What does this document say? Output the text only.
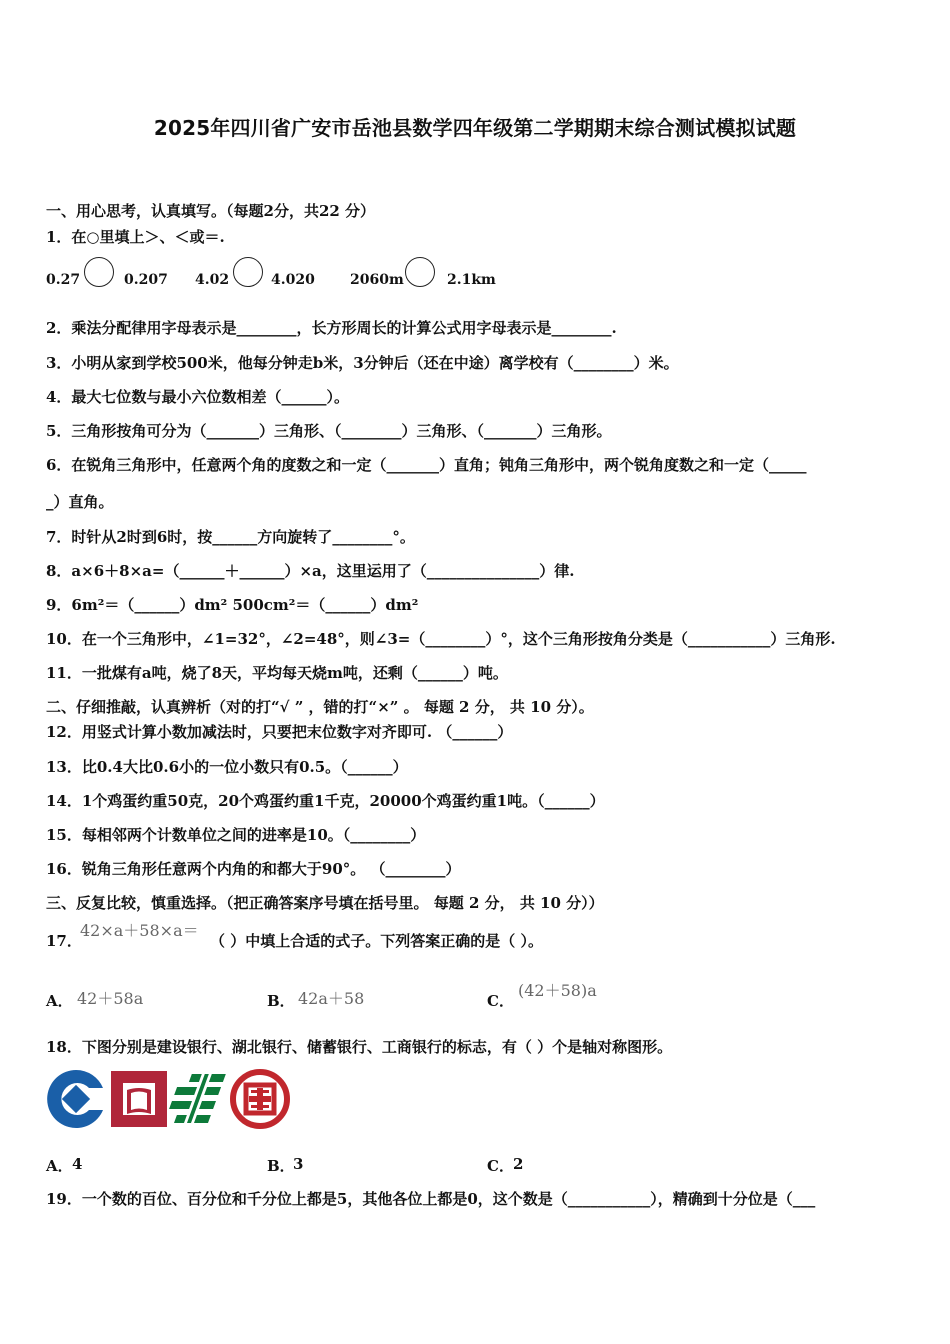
2025年四川省广安市岳池县数学四年级第二学期期末综合测试模拟试题
一、用心思考，认真填写。（每题2分，共22 分）
1．在○里填上＞、＜或＝.
0.27	0.207 4.02	4.020	2060m	2.1km
2．乘法分配律用字母表示是________，长方形周长的计算公式用字母表示是________.
3．小明从家到学校500米，他每分钟走b米，3分钟后（还在中途）离学校有（________）米。
4．最大七位数与最小六位数相差（______）。
5．三角形按角可分为（_______）三角形、（________）三角形、（_______）三角形。
6．在锐角三角形中，任意两个角的度数之和一定（_______）直角；钝角三角形中，两个锐角度数之和一定（_____
_）直角。
7．时针从2时到6时，按______方向旋转了________°。
8．a×6＋8×a=（______＋______）×a，这里运用了（_______________）律.
9．6m²＝（______）dm² 500cm²＝（______）dm²
10．在一个三角形中，∠1=32°，∠2=48°，则∠3=（________）°，这个三角形按角分类是（___________）三角形.
11．一批煤有a吨，烧了8天，平均每天烧m吨，还剩（______）吨。
二、仔细推敲，认真辨析（对的打“√ ” ，错的打“×” 。 每题 2 分， 共 10 分）。
12．用竖式计算小数加减法时，只要把末位数字对齐即可. （______）
13．比0.4大比0.6小的一位小数只有0.5。（______）
14．1个鸡蛋约重50克，20个鸡蛋约重1千克，20000个鸡蛋约重1吨。（______）
15．每相邻两个计数单位之间的进率是10。（________）
16．锐角三角形任意两个内角的和都大于90°。 （________）
三、反复比较，慎重选择。（把正确答案序号填在括号里。 每题 2 分， 共 10 分））
17．
42×a＋58×a＝
（ ）中填上合适的式子。下列答案正确的是（ ）。
A． 42＋58a	B． 42a＋58	C．
(42＋58)a
18．下图分别是建设银行、湖北银行、储蓄银行、工商银行的标志，有（ ）个是轴对称图形。
A． 4	B．
3	C． 2
19．一个数的百位、百分位和千分位上都是5，其他各位上都是0，这个数是（___________），精确到十分位是（___
